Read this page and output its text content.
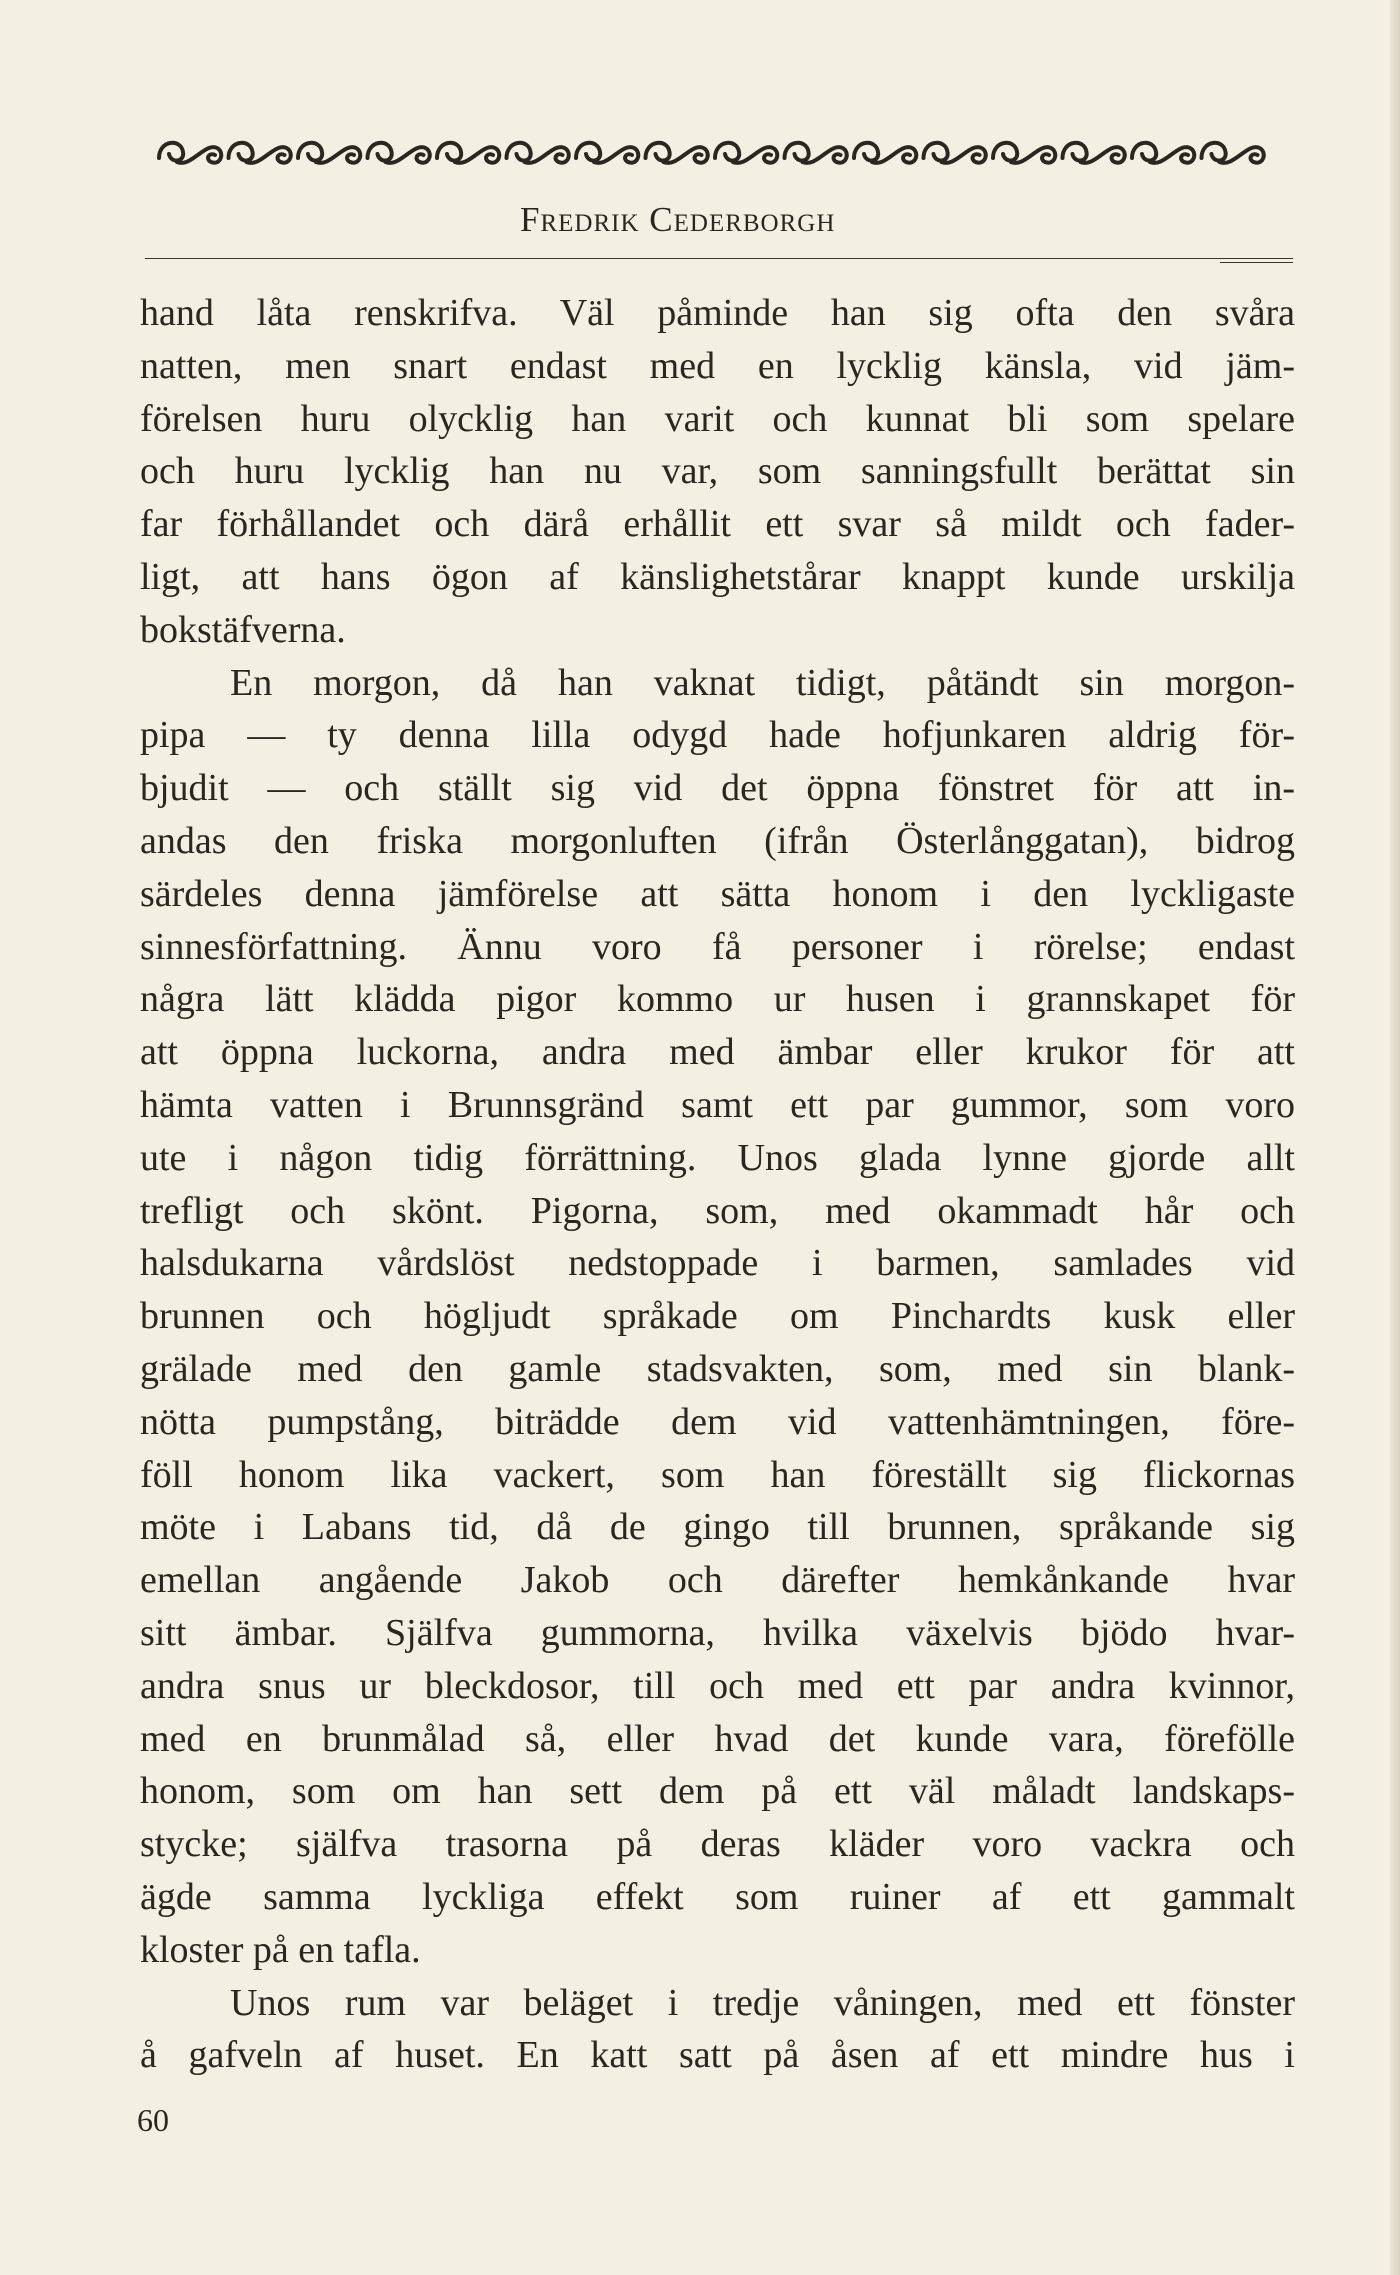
Fredrik Cederborgh
hand låta renskrifva. Väl påminde han sig ofta den svåra
natten, men snart endast med en lycklig känsla, vid jäm-
förelsen huru olycklig han varit och kunnat bli som spelare
och huru lycklig han nu var, som sanningsfullt berättat sin
far förhållandet och därå erhållit ett svar så mildt och fader-
ligt, att hans ögon af känslighetstårar knappt kunde urskilja
bokstäfverna.
En morgon, då han vaknat tidigt, påtändt sin morgon-
pipa — ty denna lilla odygd hade hofjunkaren aldrig för-
bjudit — och ställt sig vid det öppna fönstret för att in-
andas den friska morgonluften (ifrån Österlånggatan), bidrog
särdeles denna jämförelse att sätta honom i den lyckligaste
sinnesförfattning. Ännu voro få personer i rörelse; endast
några lätt klädda pigor kommo ur husen i grannskapet för
att öppna luckorna, andra med ämbar eller krukor för att
hämta vatten i Brunnsgränd samt ett par gummor, som voro
ute i någon tidig förrättning. Unos glada lynne gjorde allt
trefligt och skönt. Pigorna, som, med okammadt hår och
halsdukarna vårdslöst nedstoppade i barmen, samlades vid
brunnen och högljudt språkade om Pinchardts kusk eller
grälade med den gamle stadsvakten, som, med sin blank-
nötta pumpstång, biträdde dem vid vattenhämtningen, före-
föll honom lika vackert, som han föreställt sig flickornas
möte i Labans tid, då de gingo till brunnen, språkande sig
emellan angående Jakob och därefter hemkånkande hvar
sitt ämbar. Själfva gummorna, hvilka växelvis bjödo hvar-
andra snus ur bleckdosor, till och med ett par andra kvinnor,
med en brunmålad så, eller hvad det kunde vara, förefölle
honom, som om han sett dem på ett väl måladt landskaps-
stycke; själfva trasorna på deras kläder voro vackra och
ägde samma lyckliga effekt som ruiner af ett gammalt
kloster på en tafla.
Unos rum var beläget i tredje våningen, med ett fönster
å gafveln af huset. En katt satt på åsen af ett mindre hus i
60
